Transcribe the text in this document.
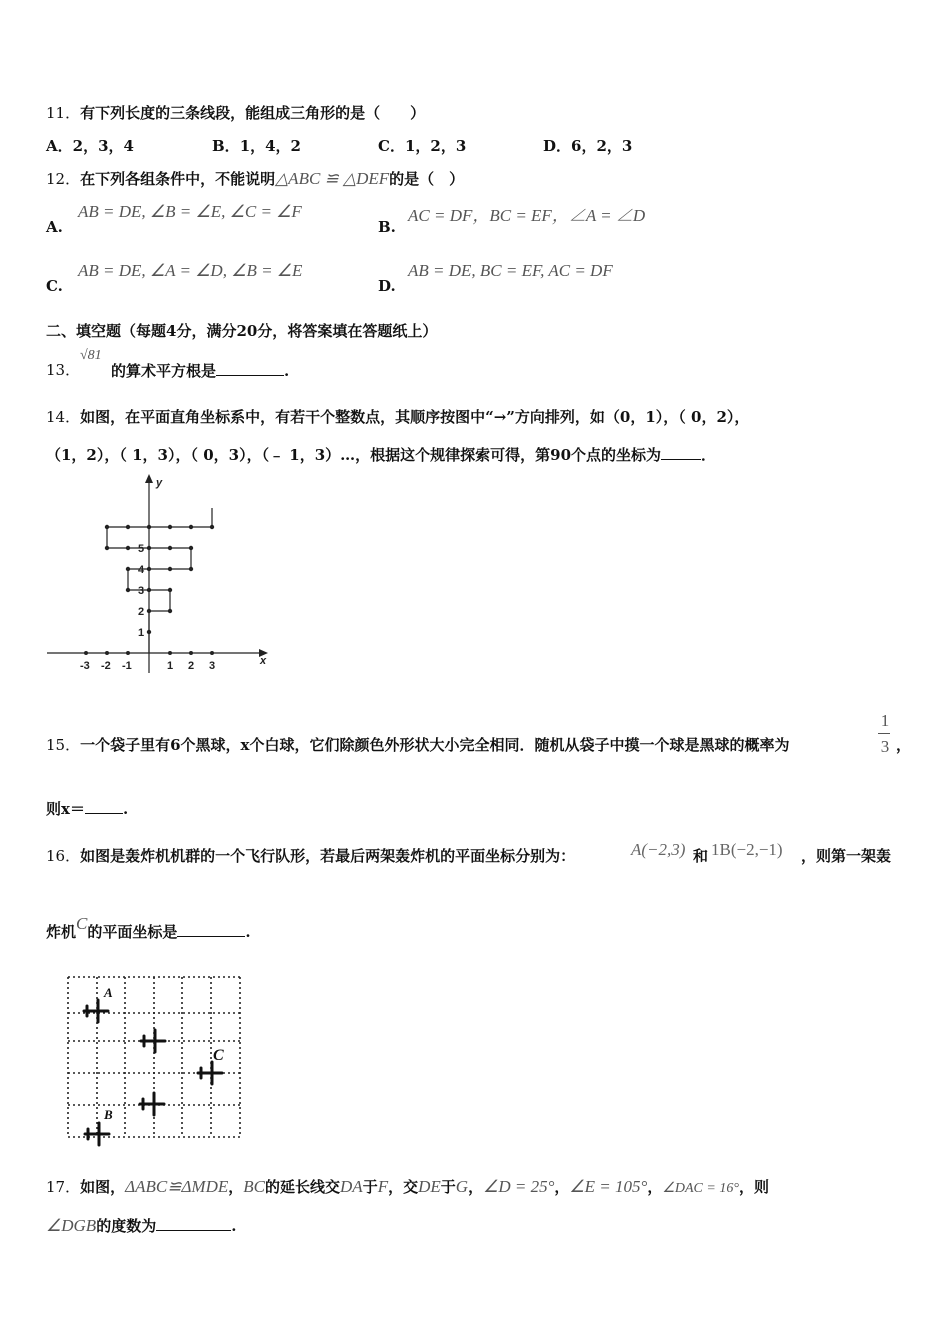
11．有下列长度的三条线段，能组成三角形的是（　　）
A．2，3，4	B．1，4，2	C．1，2，3	D．6，2，3
12．在下列各组条件中，不能说明△ABC ≌ △DEF的是（　）
A.
AB = DE, ∠B = ∠E, ∠C = ∠F
B.
AC = DF，BC = EF，∠A = ∠D
C.
AB = DE, ∠A = ∠D, ∠B = ∠E
D.
AB = DE, BC = EF, AC = DF
二、填空题（每题4分，满分20分，将答案填在答题纸上）
13．
√81
的算术平方根是	.
14．如图，在平面直角坐标系中，有若干个整数点，其顺序按图中“→”方向排列，如（0，1），（ 0，2），
（1，2），（ 1，3），（ 0，3），（﹣ 1，3）…，根据这个规律探索可得，第90个点的坐标为	．
y
x
-3 -2 -1	1 2 3
1
2
3
4
5
15．一个袋子里有6个黑球，x个白球，它们除颜色外形状大小完全相同．随机从袋子中摸一个球是黑球的概率为
1
3 ，
则x＝	.
16．如图是轰炸机机群的一个飞行队形，若最后两架轰炸机的平面坐标分别为：	A(−2,3) 和 1B(−2,−1) ，则第一架轰
炸机C的平面坐标是	.
A
B
C
17．如图，ΔABC≌ΔMDE，BC的延长线交DA于F，交DE于G，∠D = 25°，∠E = 105°，∠DAC = 16°，则
∠DGB的度数为	.
